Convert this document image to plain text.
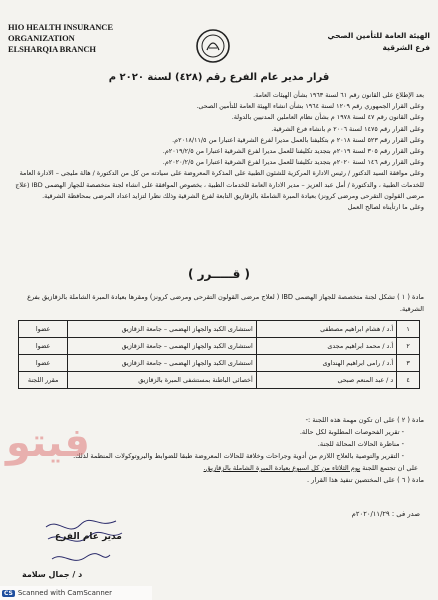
HIO HEALTH INSURANCE ORGANIZATION
ELSHARQIA BRANCH
الهيئة العامة للتأمين الصحي
فرع الشرقية
قرار مدير عام الفرع رقم (٤٢٨) لسنة ٢٠٢٠ م

بعد الإطلاع على القانون رقم ٦١ لسنة ١٩٦٣ بشأن الهيئات العامة.

وعلى القرار الجمهوري رقم ١٢٠٩ لسنة ١٩٦٤ بشأن انشاء الهيئة العامة للتأمين الصحى.

وعلى القانون رقم ٤٧ لسنة ١٩٧٨ م بشأن نظام العاملين المدنيين بالدولة.

وعلى القرار رقم ١٤٧٥ لسنة ٢٠٠٦ م بانشاء فرع الشرقية.

وعلى القرار رقم ٥٢٣ لسنة ٢٠١٨ م بتكليفنا بالعمل مديرا لفرع الشرقية اعتبارا من ٢٠١٨/١١/٥م.

وعلى القرار رقم ٣٠٥ لسنة ٢٠١٩م بتجديد تكليفنا للعمل مديرا لفرع الشرقية اعتبارا من ٢٠١٩/٢/٥م.

وعلى القرار رقم ١٤٦ لسنة ٢٠٢٠م بتجديد تكليفنا للعمل مديرا لفرع الشرقية اعتبارا من ٢٠٢٠/٢/٥م.

وعلى موافقة السيد الدكتور / رئيس الادارة المركزية للشئون الطبية على المذكرة المعروضة على سيادته من كل من الدكتورة / هالة مليجى – الادارة العامة للخدمات الطبية ، والدكتورة / أمل عبد العزيز – مدير الادارة العامة للخدمات الطبية ، بخصوص الموافقة على انشاء لجنة متخصصة للجهاز الهضمى IBD (علاج مرضى القولون التقرحى ومرضى كرونز) بعيادة المبرة الشاملة بالزقازيق التابعة لفرع الشرقية وذلك نظرا لتزايد اعداد المرضى بمحافظة الشرقية.

وعلى ما ارتأيناه لصالح العمل

( قـــــرر )
مادة ( ١ ) تشكل لجنة متخصصة للجهاز الهضمى IBD ( لعلاج مرضى القولون التقرحى ومرضى كرونز) ومقرها بعيادة المبرة الشاملة بالزقازيق بفرع الشرقية.
١	أ.د / هشام ابراهيم مصطفى	استشارى الكبد والجهاز الهضمى – جامعة الزقازيق	عضوا
٢	أ.د / محمد ابراهيم مجدى	استشارى الكبد والجهاز الهضمى – جامعة الزقازيق	عضوا
٣	أ.د / رامى ابراهيم الهنداوى	استشارى الكبد والجهاز الهضمى – جامعة الزقازيق	عضوا
٤	د / عبد المنعم صبحى	أخصائى الباطنة بمستشفى المبرة بالزقازيق	مقرر اللجنة

مادة ( ٢ ) على ان تكون مهمة هذه اللجنة :-

- تقرير الفحوصات المطلوبة لكل حالة.

- مناظرة الحالات المحالة للجنة.

- التقرير والتوصية بالعلاج اللازم من أدوية وجراحات وخلافة للحالات المعروضة طبقا للضوابط والبروتوكولات المنظمة لذلك.

على ان تجتمع اللجنة يوم الثلاثاء من كل اسبوع بعيادة المبرة الشاملة بالزقازيق.

مادة ( ٦ ) على المختصين تنفيذ هذا القرار .

صدر فى : ٢٠٢٠/١١/٢٩م
مدير عام الفرع
د / جمال سلامة
فيتو
CS Scanned with CamScanner
